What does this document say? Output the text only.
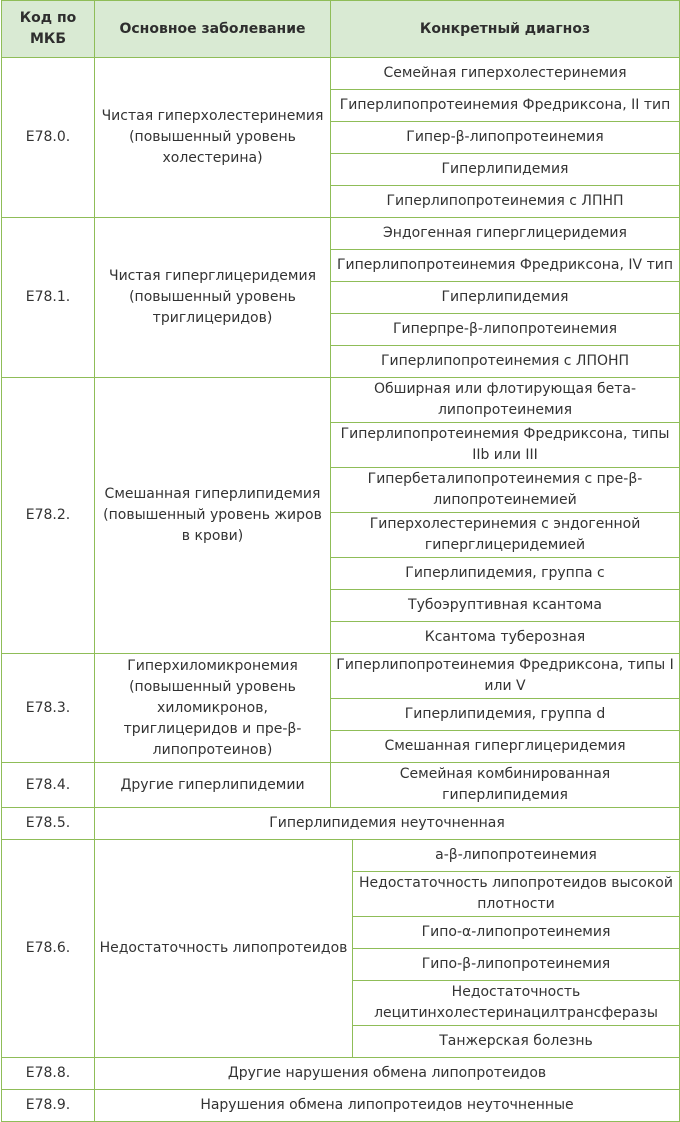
Код по МКБ	Основное заболевание	Конкретный диагноз	
E78.0.	Чистая гиперхолестеринемия (повышенный уровень холестерина)	Семейная гиперхолестеринемия	
		Гиперлипопротеинемия Фредриксона, II тип	
		Гипер-β-липопротеинемия	
		Гиперлипидемия	
		Гиперлипопротеинемия с ЛПНП	
E78.1.	Чистая гиперглицеридемия (повышенный уровень триглицеридов)	Эндогенная гиперглицеридемия	
		Гиперлипопротеинемия Фредриксона, IV тип	
		Гиперлипидемия	
		Гиперпре-β-липопротеинемия	
		Гиперлипопротеинемия с ЛПОНП	
E78.2.	Смешанная гиперлипидемия (повышенный уровень жиров в крови)	Обширная или флотирующая бета-липопротеинемия	
		Гиперлипопротеинемия Фредриксона, типы IIb или III	
		Гипербеталипопротеинемия с пре-β-липопротеинемией	
		Гиперхолестеринемия с эндогенной гиперглицеридемией	
		Гиперлипидемия, группа с	
		Тубоэруптивная ксантома	
		Ксантома туберозная	
E78.3.	Гиперхиломикронемия (повышенный уровень хиломикронов, триглицеридов и пре-β-липопротеинов)	Гиперлипопротеинемия Фредриксона, типы I или V	
		Гиперлипидемия, группа d	
		Смешанная гиперглицеридемия	
E78.4.	Другие гиперлипидемии	Семейная комбинированная гиперлипидемия	
E78.5.	Гиперлипидемия неуточненная		
E78.6.	Недостаточность липопротеидов		a-β-липопротеинемия
			Недостаточность липопротеидов высокой плотности
			Гипо-α-липопротеинемия
			Гипо-β-липопротеинемия
			Недостаточность лецитинхолестеринацилтрансферазы
			Танжерская болезнь
E78.8.	Другие нарушения обмена липопротеидов		
E78.9.	Нарушения обмена липопротеидов неуточненные		
